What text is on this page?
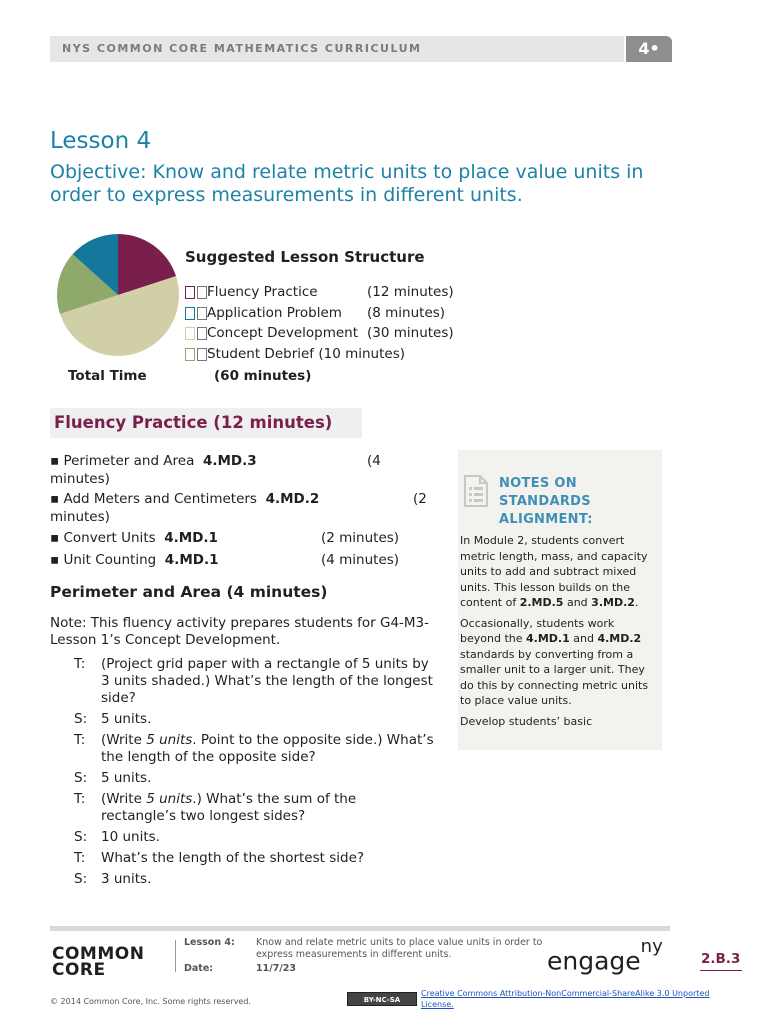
NYS COMMON CORE MATHEMATICS CURRICULUM	4•
Lesson 4
Objective: Know and relate metric units to place value units in order to express measurements in different units.
Suggested Lesson Structure
Fluency Practice	(12 minutes)
Application Problem (8 minutes)
Concept Development (30 minutes)
Student Debrief (10 minutes)
Total Time	(60 minutes)
Fluency Practice (12 minutes)
▪ Perimeter and Area 4.MD.3	(4
minutes)
▪ Add Meters and Centimeters 4.MD.2	(2
minutes)
▪ Convert Units 4.MD.1	(2 minutes)
▪ Unit Counting 4.MD.1	(4 minutes)
Perimeter and Area (4 minutes)
Note: This fluency activity prepares students for G4-M3-Lesson 1’s Concept Development.
T: (Project grid paper with a rectangle of 5 units by 3 units shaded.) What’s the length of the longest side?
S: 5 units.
T: (Write 5 units. Point to the opposite side.) What’s the length of the opposite side?
S: 5 units.
T: (Write 5 units.) What’s the sum of the rectangle’s two longest sides?
S: 10 units.
T: What’s the length of the shortest side?
S: 3 units.
NOTES ON STANDARDS ALIGNMENT:

In Module 2, students convert metric length, mass, and capacity units to add and subtract mixed units. This lesson builds on the content of 2.MD.5 and 3.MD.2.

Occasionally, students work beyond the 4.MD.1 and 4.MD.2 standards by converting from a smaller unit to a larger unit. They do this by connecting metric units to place value units.

Develop students’ basic

COMMON
CORE
Lesson 4: Know and relate metric units to place value units in order to express measurements in different units.
Date:	11/7/23	engage$^{ny}$
2.B.3
© 2014 Common Core, Inc. Some rights reserved.	BY-NC-SA
Creative Commons Attribution-NonCommercial-ShareAlike 3.0 Unported License.
